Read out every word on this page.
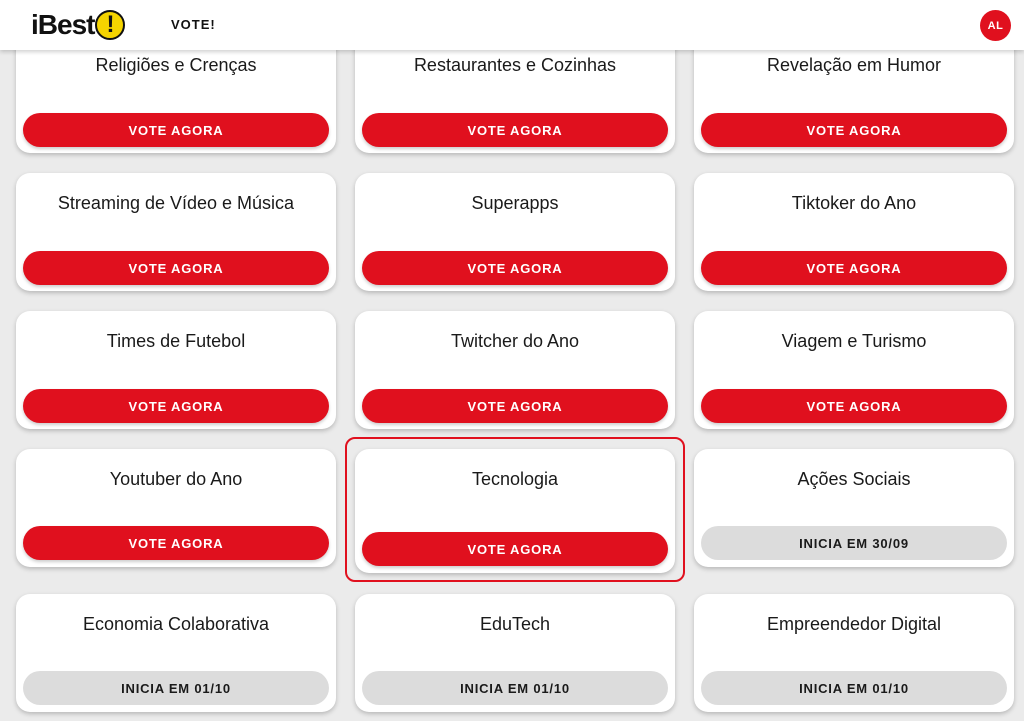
Religiões e Crenças
VOTE AGORA
Restaurantes e Cozinhas
VOTE AGORA
Revelação em Humor
VOTE AGORA
Streaming de Vídeo e Música
VOTE AGORA
Superapps
VOTE AGORA
Tiktoker do Ano
VOTE AGORA
Times de Futebol
VOTE AGORA
Twitcher do Ano
VOTE AGORA
Viagem e Turismo
VOTE AGORA
Youtuber do Ano
VOTE AGORA
Tecnologia
VOTE AGORA
Ações Sociais
INICIA EM 30/09
Economia Colaborativa
INICIA EM 01/10
EduTech
INICIA EM 01/10
Empreendedor Digital
INICIA EM 01/10
iBest !	VOTE!	AL
